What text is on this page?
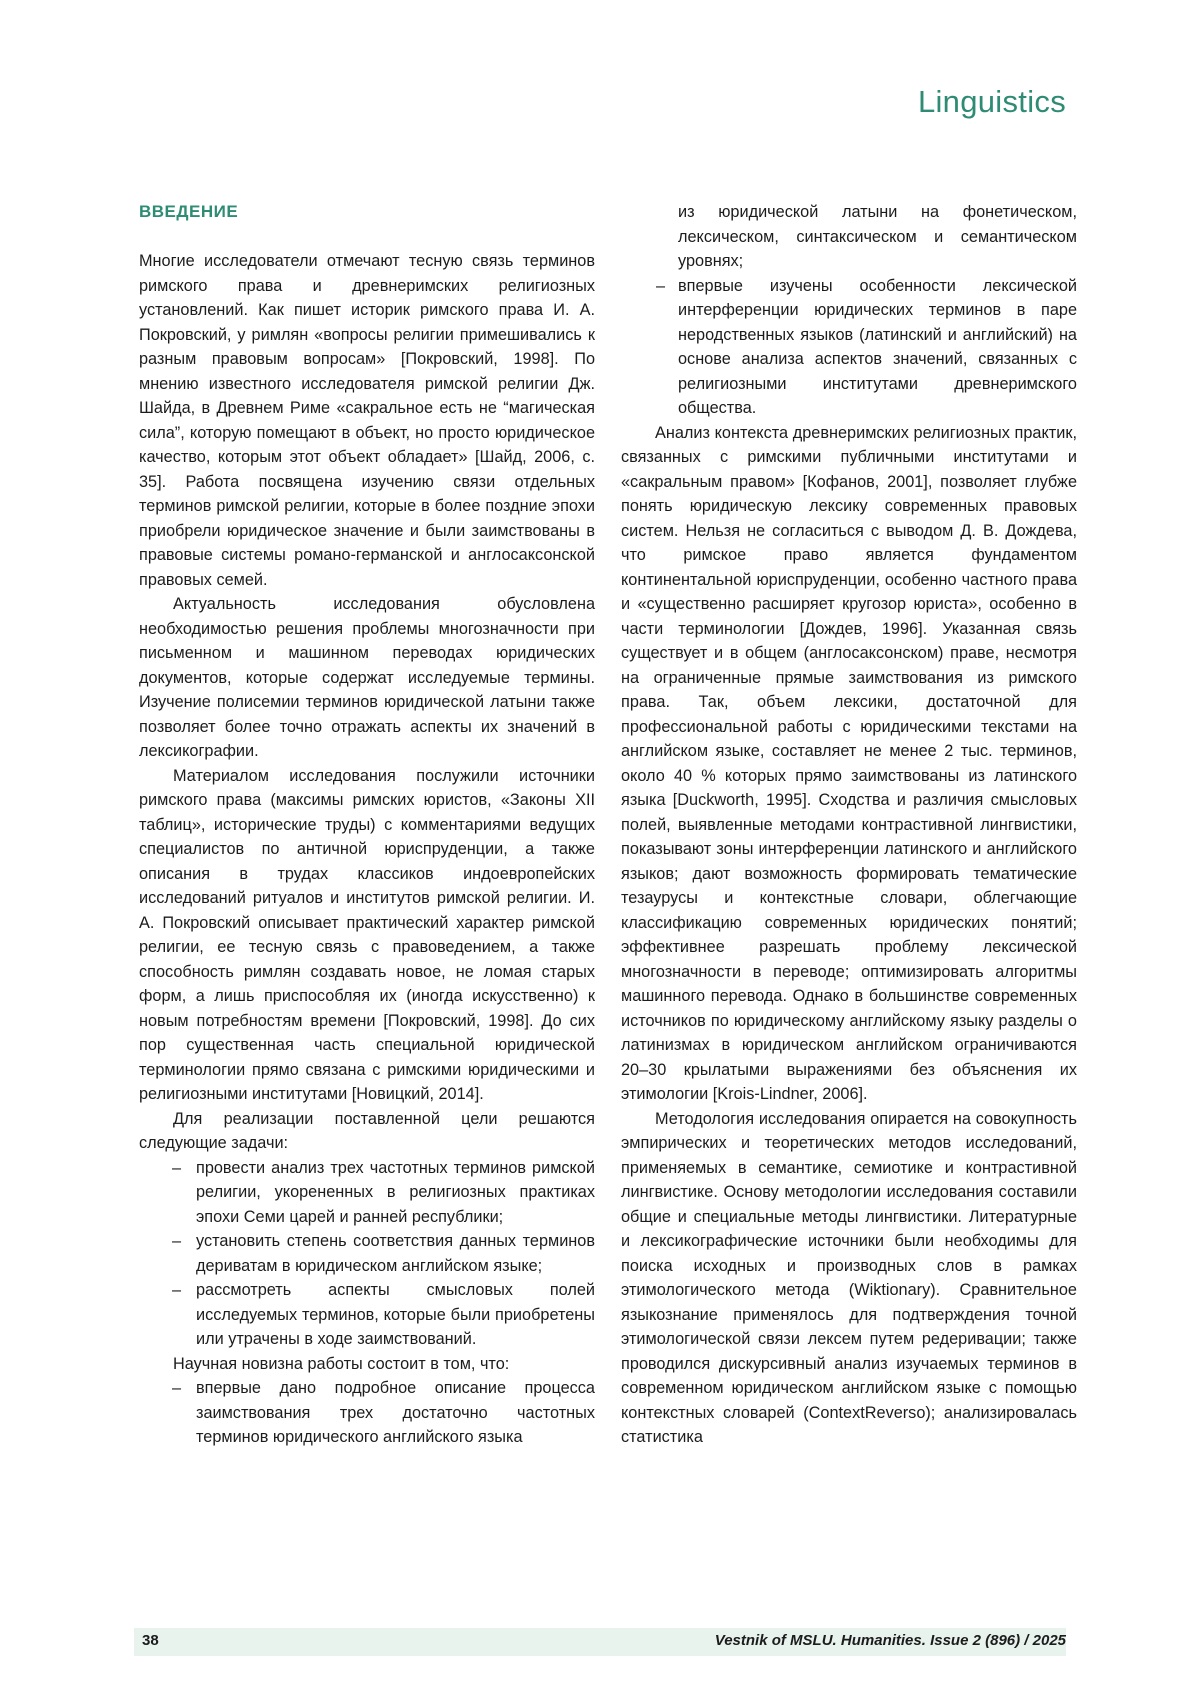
Linguistics
ВВЕДЕНИЕ

Многие исследователи отмечают тесную связь терминов римского права и древнеримских религиозных установлений. Как пишет историк римского права И. А. Покровский, у римлян «вопросы религии примешивались к разным правовым вопросам» [Покровский, 1998]. По мнению известного исследователя римской религии Дж. Шайда, в Древнем Риме «сакральное есть не “магическая сила”, которую помещают в объект, но просто юридическое качество, которым этот объект обладает» [Шайд, 2006, с. 35]. Работа посвящена изучению связи отдельных терминов римской религии, которые в более поздние эпохи приобрели юридическое значение и были заимствованы в правовые системы романо-германской и англосаксонской правовых семей.

Актуальность исследования обусловлена необходимостью решения проблемы многозначности при письменном и машинном переводах юридических документов, которые содержат исследуемые термины. Изучение полисемии терминов юридической латыни также позволяет более точно отражать аспекты их значений в лексикографии.

Материалом исследования послужили источники римского права (максимы римских юристов, «Законы XII таблиц», исторические труды) с комментариями ведущих специалистов по античной юриспруденции, а также описания в трудах классиков индоевропейских исследований ритуалов и институтов римской религии. И. А. Покровский описывает практический характер римской религии, ее тесную связь с правоведением, а также способность римлян создавать новое, не ломая старых форм, а лишь приспособляя их (иногда искусственно) к новым потребностям времени [Покровский, 1998]. До сих пор существенная часть специальной юридической терминологии прямо связана с римскими юридическими и религиозными институтами [Новицкий, 2014].

Для реализации поставленной цели решаются следующие задачи:

– провести анализ трех частотных терминов римской религии, укорененных в религиозных практиках эпохи Семи царей и ранней республики;
– установить степень соответствия данных терминов дериватам в юридическом английском языке;
– рассмотреть аспекты смысловых полей исследуемых терминов, которые были приобретены или утрачены в ходе заимствований.

Научная новизна работы состоит в том, что:

– впервые дано подробное описание процесса заимствования трех достаточно частотных терминов юридического английского языка

из юридической латыни на фонетическом, лексическом, синтаксическом и семантическом уровнях;

– впервые изучены особенности лексической интерференции юридических терминов в паре неродственных языков (латинский и английский) на основе анализа аспектов значений, связанных с религиозными институтами древнеримского общества.

Анализ контекста древнеримских религиозных практик, связанных с римскими публичными институтами и «сакральным правом» [Кофанов, 2001], позволяет глубже понять юридическую лексику современных правовых систем. Нельзя не согласиться с выводом Д. В. Дождева, что римское право является фундаментом континентальной юриспруденции, особенно частного права и «существенно расширяет кругозор юриста», особенно в части терминологии [Дождев, 1996]. Указанная связь существует и в общем (англосаксонском) праве, несмотря на ограниченные прямые заимствования из римского права. Так, объем лексики, достаточной для профессиональной работы с юридическими текстами на английском языке, составляет не менее 2 тыс. терминов, около 40 % которых прямо заимствованы из латинского языка [Duckworth, 1995]. Сходства и различия смысловых полей, выявленные методами контрастивной лингвистики, показывают зоны интерференции латинского и английского языков; дают возможность формировать тематические тезаурусы и контекстные словари, облегчающие классификацию современных юридических понятий; эффективнее разрешать проблему лексической многозначности в переводе; оптимизировать алгоритмы машинного перевода. Однако в большинстве современных источников по юридическому английскому языку разделы о латинизмах в юридическом английском ограничиваются 20–30 крылатыми выражениями без объяснения их этимологии [Krois-Lindner, 2006].

Методология исследования опирается на совокупность эмпирических и теоретических методов исследований, применяемых в семантике, семиотике и контрастивной лингвистике. Основу методологии исследования составили общие и специальные методы лингвистики. Литературные и лексикографические источники были необходимы для поиска исходных и производных слов в рамках этимологического метода (Wiktionary). Сравнительное языкознание применялось для подтверждения точной этимологической связи лексем путем редеривации; также проводился дискурсивный анализ изучаемых терминов в современном юридическом английском языке с помощью контекстных словарей (ContextReverso); анализировалась статистика

38	Vestnik of MSLU. Humanities. Issue 2 (896) / 2025
